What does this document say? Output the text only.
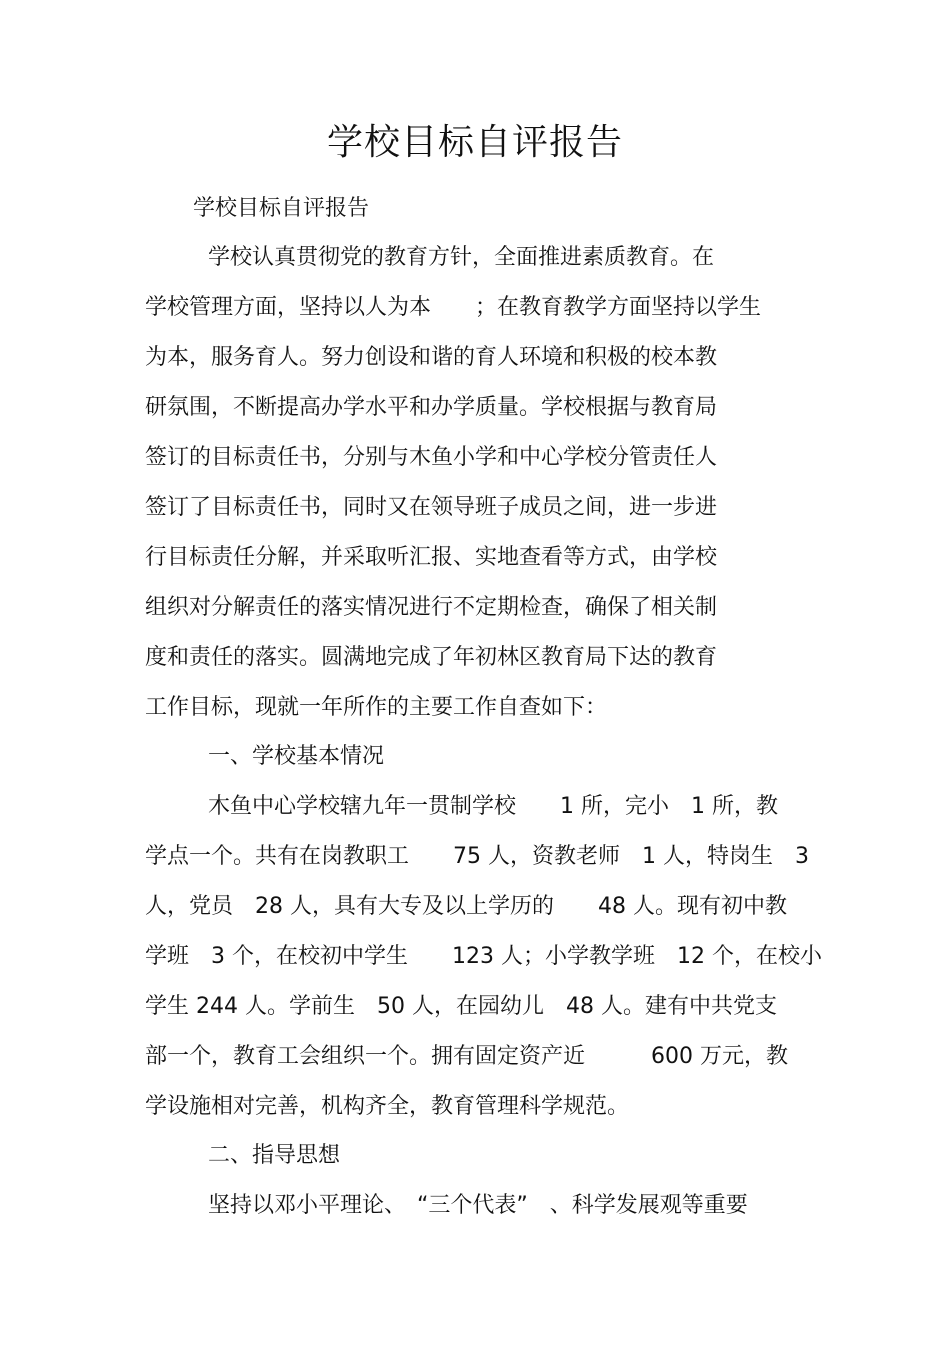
学校目标自评报告

学校目标自评报告

学校认真贯彻党的教育方针，全面推进素质教育。在

学校管理方面，坚持以人为本　　；在教育教学方面坚持以学生

为本，服务育人。努力创设和谐的育人环境和积极的校本教

研氛围，不断提高办学水平和办学质量。学校根据与教育局

签订的目标责任书，分别与木鱼小学和中心学校分管责任人

签订了目标责任书，同时又在领导班子成员之间，进一步进

行目标责任分解，并采取听汇报、实地查看等方式，由学校

组织对分解责任的落实情况进行不定期检查，确保了相关制

度和责任的落实。圆满地完成了年初林区教育局下达的教育

工作目标，现就一年所作的主要工作自查如下：

一、学校基本情况

木鱼中心学校辖九年一贯制学校　　1 所，完小　1 所，教

学点一个。共有在岗教职工　　75 人，资教老师　1 人，特岗生　3

人，党员　28 人，具有大专及以上学历的　　48 人。现有初中教

学班　3 个，在校初中学生　　123 人；小学教学班　12 个，在校小

学生 244 人。学前生　50 人，在园幼儿　48 人。建有中共党支

部一个，教育工会组织一个。拥有固定资产近　　　600 万元，教

学设施相对完善，机构齐全，教育管理科学规范。

二、指导思想

坚持以邓小平理论、　“三个代表”　、科学发展观等重要
